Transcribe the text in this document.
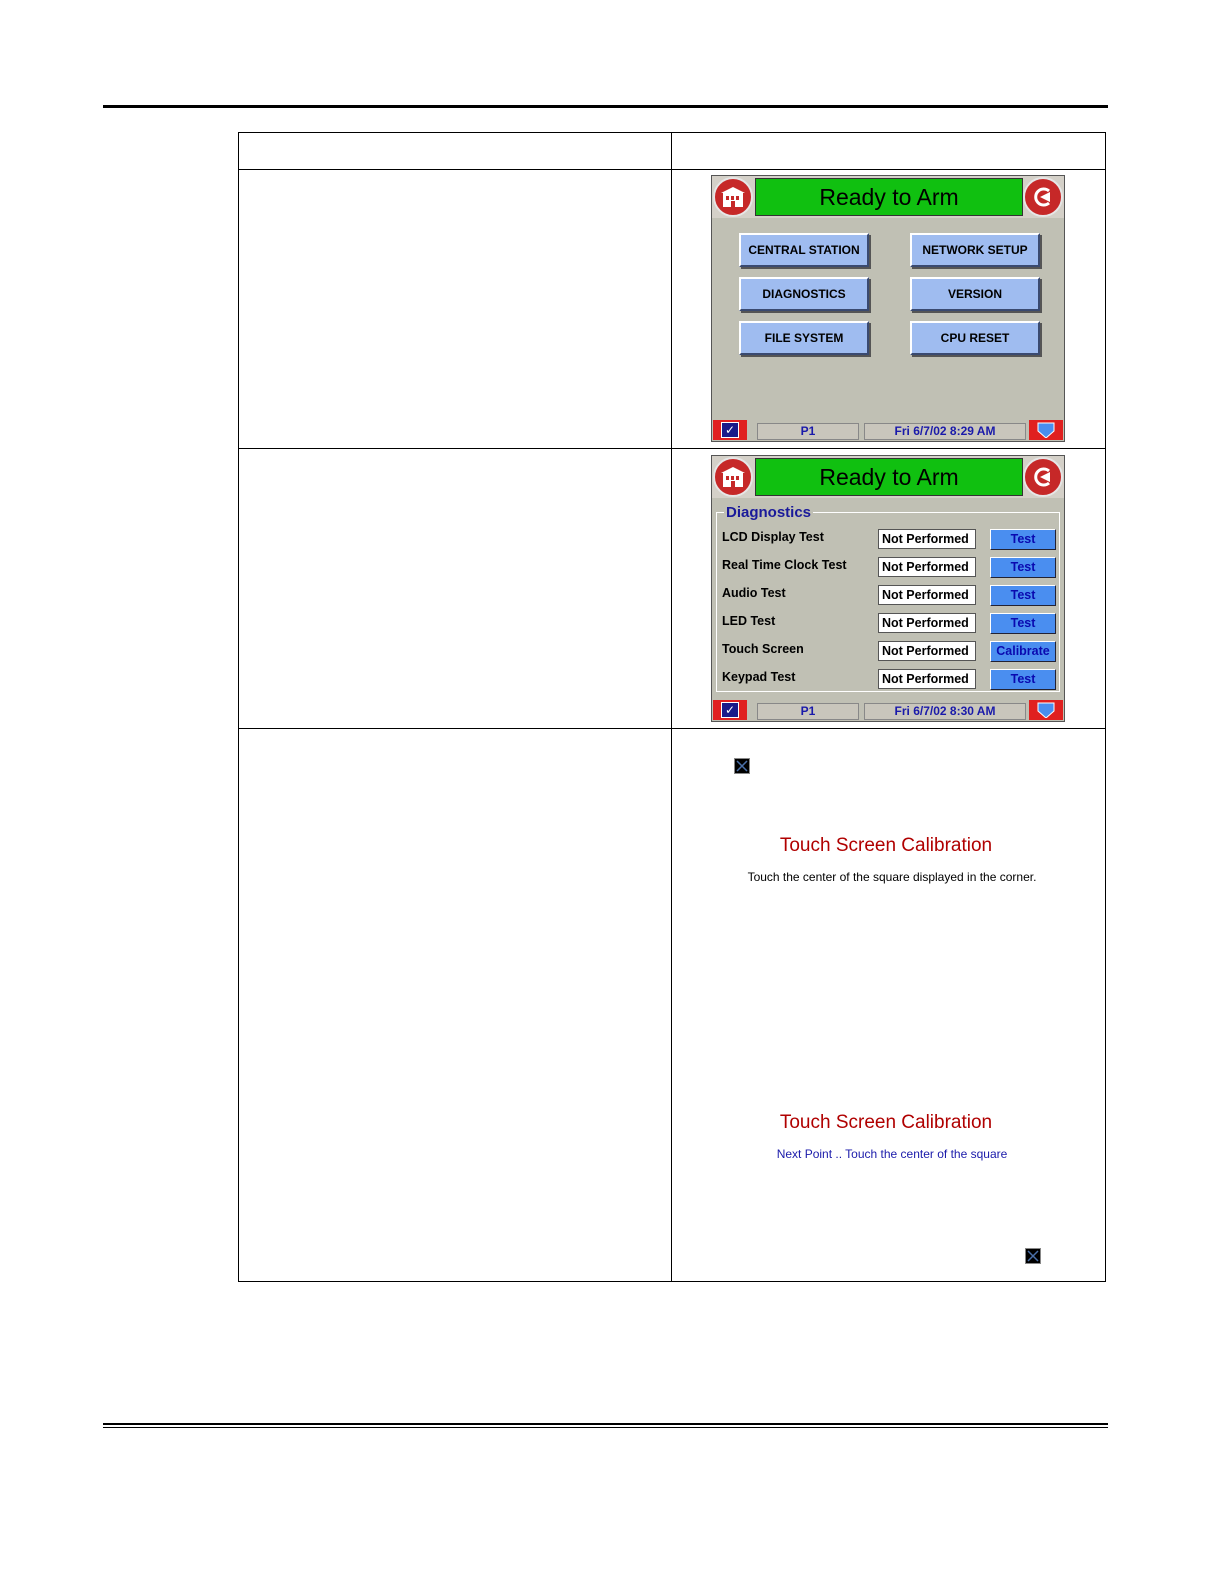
Ready to Arm
CENTRAL STATION	NETWORK SETUP
DIAGNOSTICS	VERSION
FILE SYSTEM	CPU RESET
✓	P1	Fri 6/7/02 8:29 AM
Ready to Arm
Diagnostics
LCD Display Test	Not Performed	Test
Real Time Clock Test	Not Performed	Test
Audio Test	Not Performed	Test
LED Test	Not Performed	Test
Touch Screen	Not Performed	Calibrate
Keypad Test	Not Performed	Test
✓	P1	Fri 6/7/02 8:30 AM
Touch Screen Calibration
Touch the center of the square displayed in the corner.
Touch Screen Calibration
Next Point .. Touch the center of the square
